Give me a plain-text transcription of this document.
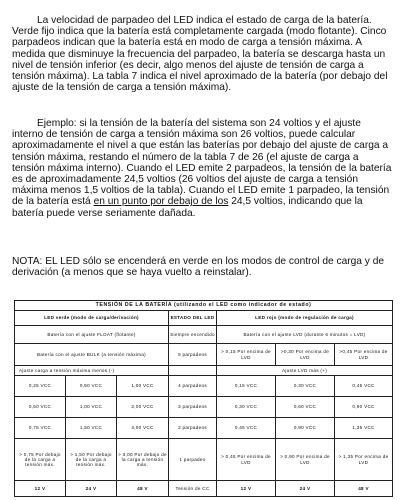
La velocidad de parpadeo del LED indica el estado de carga de la batería. Verde fijo indica que la batería está completamente cargada (modo flotante). Cinco parpadeos indican que la batería está en modo de carga a tensión máxima. A medida que disminuye la frecuencia del parpadeo, la batería se descarga hasta un nivel de tensión inferior (es decir, algo menos del ajuste de tensión de carga a tensión máxima). La tabla 7 indica el nivel aproximado de la batería (por debajo del ajuste de la tensión de carga a tensión máxima).

Ejemplo: si la tensión de la batería del sistema son 24 voltios y el ajuste interno de tensión de carga a tensión máxima son 26 voltios, puede calcular aproximadamente el nivel a que están las baterías por debajo del ajuste de carga a tensión máxima, restando el número de la tabla 7 de 26 (el ajuste de carga a tensión máxima interno). Cuando el LED emite 2 parpadeos, la tensión de la batería es de aproximadamente 24,5 voltios (26 voltios del ajuste de carga a tensión máxima menos 1,5 voltios de la tabla). Cuando el LED emite 1 parpadeo, la tensión de la batería está en un punto por debajo de los 24,5 voltios, indicando que la batería puede verse seriamente dañada.

NOTA: EL LED sólo se encenderá en verde en los modos de control de carga y de derivación (a menos que se haya vuelto a reinstalar).

TENSIÓN DE LA BATERÍA (utilizando el LED como indicador de estado)						
LED verde (modo de carga/derivación)			ESTADO DEL LED	LED rojo (modo de regulación de carga)		
Batería con el ajuste FLOAT (flotante)			Siempre encendido	Batería con el ajuste LVD (durante 6 minutos = LVD)		
Batería con el ajuste BULK (a tensión máxima)			5 parpadeos	> 0,15 Por encima de LVD	>0,30 Por encima de LVD	>0,45 Por encima de LVD
Ajuste carga a tensión máxima menos (-)				Ajuste LVD más (+)		
0,25 VCC	0,50 VCC	1,00 VCC	4 parpadeos	0,15 VCC	0,30 VCC	0,45 VCC
0,50 VCC	1,00 VCC	2,00 VCC	3 parpadeos	0,30 VCC	0,60 VCC	0,90 VCC
0,75 VCC	1,50 VCC	3,00 VCC	2 parpadeos	0,45 VCC	0,90 VCC	1,35 VCC
> 0,75 Por debajo de la carga a tensión máx.	> 1,50 Por debajo de la carga a tensión máx.	> 3,00 Por debajo de la carga a tensión máx.	1 parpadeo	> 0,45 Por encima de LVD	> 0,90 Por encima de LVD	> 1,35 Por encima de LVD
12 V	24 V	48 V	Tensión de CC	12 V	24 V	48 V
